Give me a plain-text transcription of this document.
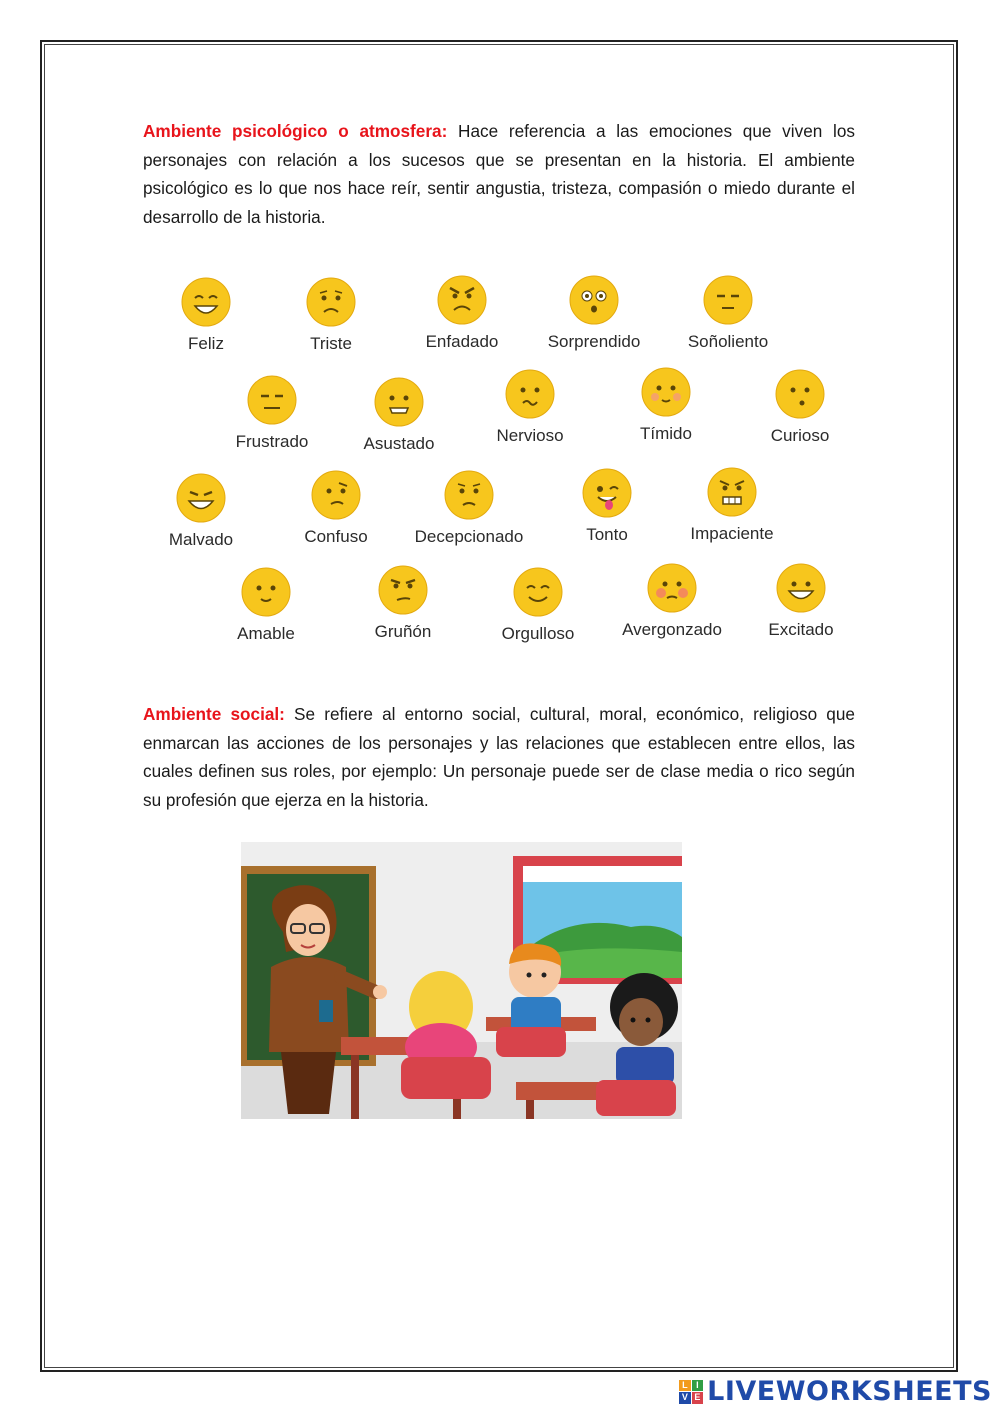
Ambiente psicológico o atmosfera: Hace referencia a las emociones que viven los personajes con relación a los sucesos que se presentan en la historia. El ambiente psicológico es lo que nos hace reír, sentir angustia, tristeza, compasión o miedo durante el desarrollo de la historia.

Feliz	Triste	Enfadado	Sorprendido	Soñoliento
Frustrado	Asustado	Nervioso	Tímido	Curioso
Malvado	Confuso	Decepcionado	Tonto	Impaciente
Amable	Gruñón	Orgulloso	Avergonzado	Excitado

Ambiente social: Se refiere al entorno social, cultural, moral, económico, religioso que enmarcan las acciones de los personajes y las relaciones que establecen entre ellos, las cuales definen sus roles, por ejemplo: Un personaje puede ser de clase media o rico según su profesión que ejerza en la historia.

L I
V E LIVEWORKSHEETS
